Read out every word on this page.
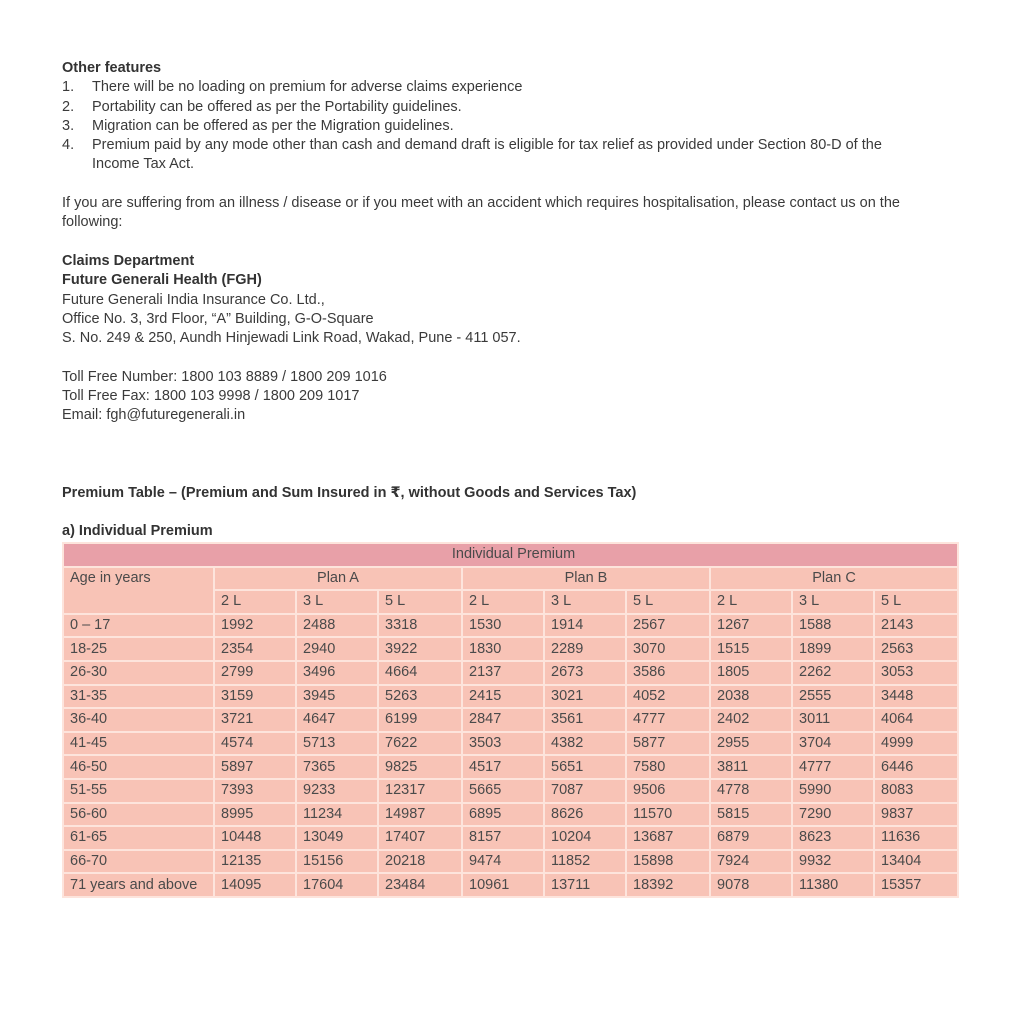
Other features
1. There will be no loading on premium for adverse claims experience
2. Portability can be offered as per the Portability guidelines.
3. Migration can be offered as per the Migration guidelines.
4. Premium paid by any mode other than cash and demand draft is eligible for tax relief as provided under Section 80-D of the
Income Tax Act.
If you are suffering from an illness / disease or if you meet with an accident which requires hospitalisation, please contact us on the
following:
Claims Department
Future Generali Health (FGH)
Future Generali India Insurance Co. Ltd.,
Office No. 3, 3rd Floor, “A” Building, G-O-Square
S. No. 249 & 250, Aundh Hinjewadi Link Road, Wakad, Pune - 411 057.
Toll Free Number: 1800 103 8889 / 1800 209 1016
Toll Free Fax: 1800 103 9998 / 1800 209 1017
Email: fgh@futuregenerali.in
Premium Table – (Premium and Sum Insured in ₹, without Goods and Services Tax)
a) Individual Premium
Individual Premium									
Age in years	Plan A			Plan B			Plan C		
	2 L	3 L	5 L	2 L	3 L	5 L	2 L	3 L	5 L
0 – 17	1992	2488	3318	1530	1914	2567	1267	1588	2143
18-25	2354	2940	3922	1830	2289	3070	1515	1899	2563
26-30	2799	3496	4664	2137	2673	3586	1805	2262	3053
31-35	3159	3945	5263	2415	3021	4052	2038	2555	3448
36-40	3721	4647	6199	2847	3561	4777	2402	3011	4064
41-45	4574	5713	7622	3503	4382	5877	2955	3704	4999
46-50	5897	7365	9825	4517	5651	7580	3811	4777	6446
51-55	7393	9233	12317	5665	7087	9506	4778	5990	8083
56-60	8995	11234	14987	6895	8626	11570	5815	7290	9837
61-65	10448	13049	17407	8157	10204	13687	6879	8623	11636
66-70	12135	15156	20218	9474	11852	15898	7924	9932	13404
71 years and above	14095	17604	23484	10961	13711	18392	9078	11380	15357
